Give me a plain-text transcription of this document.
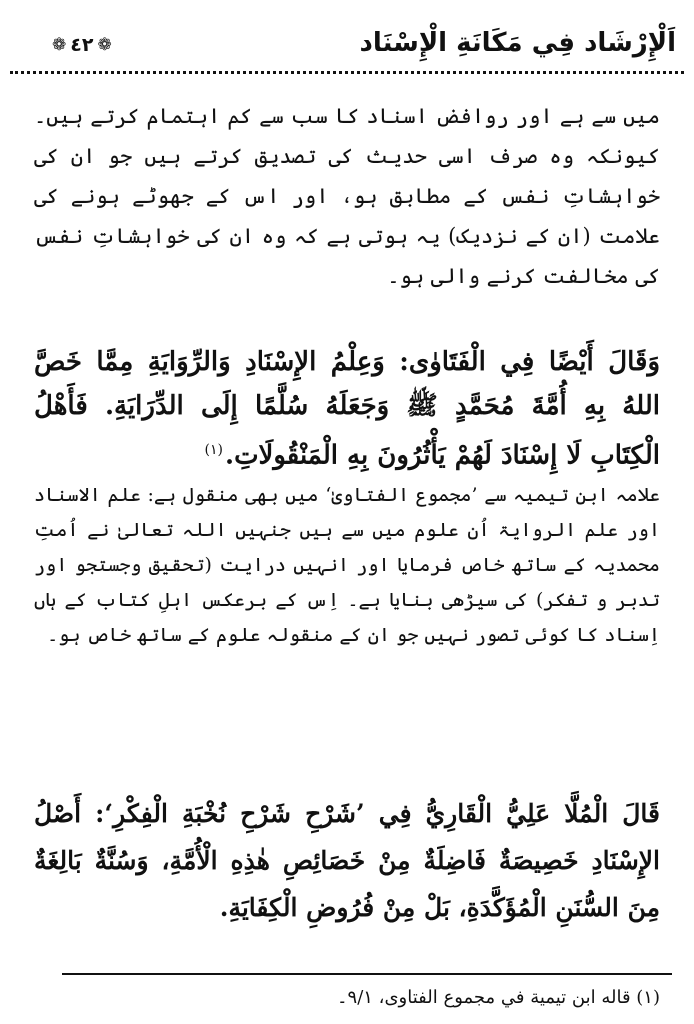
اَلْإِرْشَاد فِي مَكَانَةِ الْإِسْنَاد
❁ ٤٢ ❁

میں سے ہے اور روافض اسناد کا سب سے کم اہتمام کرتے ہیں۔ کیونکہ وہ صرف اسی حدیث کی تصدیق کرتے ہیں جو ان کی خواہشاتِ نفس کے مطابق ہو، اور اس کے جھوٹے ہونے کی علامت (ان کے نزدیک) یہ ہوتی ہے کہ وہ ان کی خواہشاتِ نفس کی مخالفت کرنے والی ہو۔

وَقَالَ أَيْضًا فِي الْفَتَاوٰى: وَعِلْمُ الإِسْنَادِ وَالرِّوَايَةِ مِمَّا خَصَّ اللهُ بِهِ أُمَّةَ مُحَمَّدٍ ﷺ وَجَعَلَهُ سُلَّمًا إِلَى الدِّرَايَةِ. فَأَهْلُ الْكِتَابِ لَا إِسْنَادَ لَهُمْ يَأْثُرُونَ بِهِ الْمَنْقُولَاتِ.$^{(١)}$

علامہ ابن تیمیہ سے ’مجموع الفتاویٰ‘ میں بھی منقول ہے: علم الاسناد اور علم الروایۃ اُن علوم میں سے ہیں جنہیں اللہ تعالیٰ نے اُمتِ محمدیہ کے ساتھ خاص فرمایا اور انہیں درایت (تحقیق وجستجو اور تدبر و تفکر) کی سیڑھی بنایا ہے۔ اِس کے برعکس اہلِ کتاب کے ہاں اِسناد کا کوئی تصور نہیں جو ان کے منقولہ علوم کے ساتھ خاص ہو۔

قَالَ الْمُلَّا عَلِيُّ الْقَارِيُّ فِي ’شَرْحِ شَرْحِ نُخْبَةِ الْفِكْرِ‘: أَصْلُ الإِسْنَادِ خَصِيصَةٌ فَاضِلَةٌ مِنْ خَصَائِصِ هٰذِهِ الْأُمَّةِ، وَسُنَّةٌ بَالِغَةٌ مِنَ السُّنَنِ الْمُؤَكَّدَةِ، بَلْ مِنْ فُرُوضِ الْكِفَايَةِ.

(١) قاله ابن تيمية في مجموع الفتاوى، ٩/١۔
